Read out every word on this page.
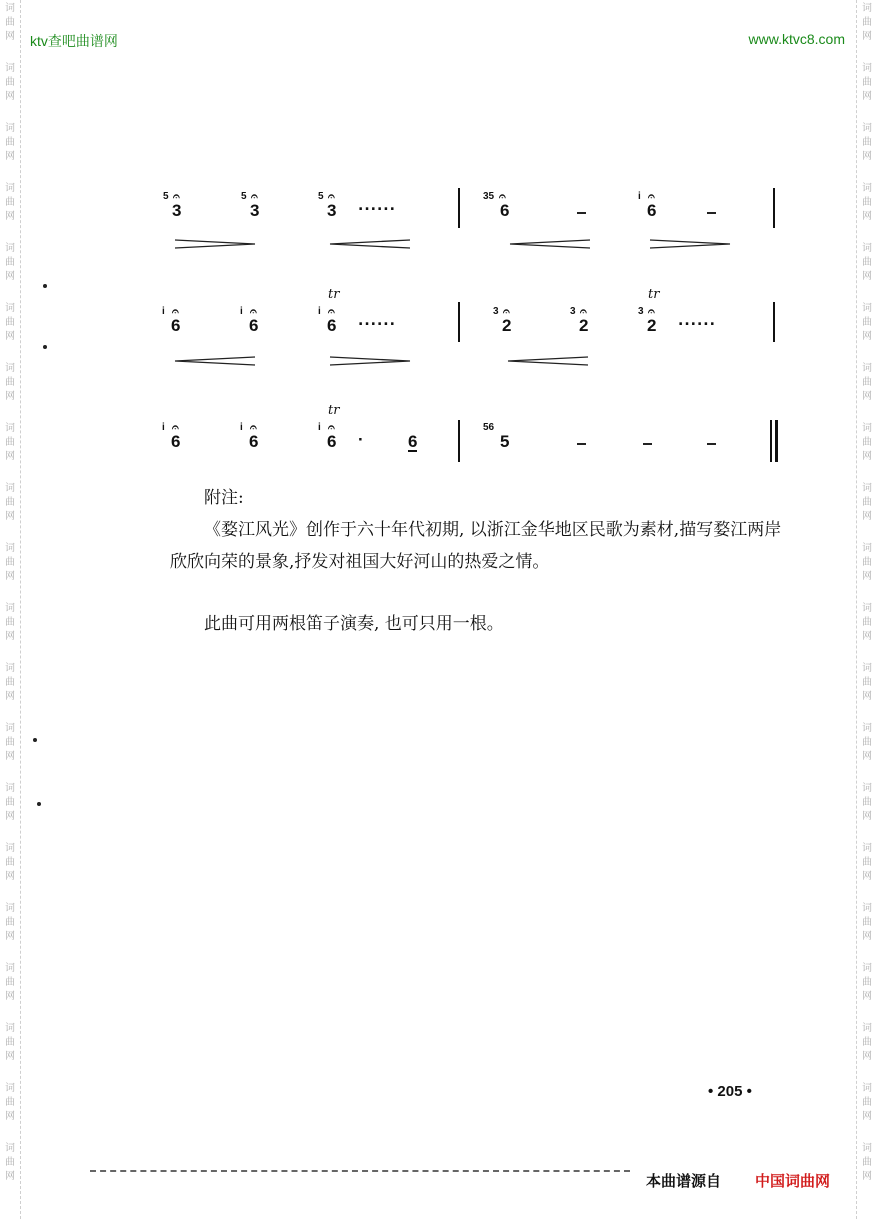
词
曲
网
词
曲
网
词
曲
网
词
曲
网
词
曲
网
词
曲
网
词
曲
网
词
曲
网
词
曲
网
词
曲
网
词
曲
网
词
曲
网
词
曲
网
词
曲
网
词
曲
网
词
曲
网
词
曲
网
词
曲
网
词
曲
网
词
曲
网
词
曲
网
词
曲
网
词
曲
网
词
曲
网
词
曲
网
词
曲
网
词
曲
网
词
曲
网
词
曲
网
词
曲
网
词
曲
网
词
曲
网
词
曲
网
词
曲
网
词
曲
网
词
曲
网
词
曲
网
词
曲
网
词
曲
网
词
曲
网
ktv查吧曲谱网	www.ktvc8.com
5 𝄐
3
5 𝄐
3
5 𝄐
3 ......
35 𝄐
6
i 𝄐
6
tr	tr
i 𝄐
6
i 𝄐
6
i 𝄐
6 ......
3 𝄐
2
3 𝄐
2
3 𝄐
2 ......
tr
i 𝄐
6
i 𝄐
6
i 𝄐
6 ·	6
56
5
附注:
《婺江风光》创作于六十年代初期, 以浙江金华地区民歌为素材,描写婺江两岸欣欣向荣的景象,抒发对祖国大好河山的热爱之情。
此曲可用两根笛子演奏, 也可只用一根。
• 205 •
本曲谱源自 中国词曲网
